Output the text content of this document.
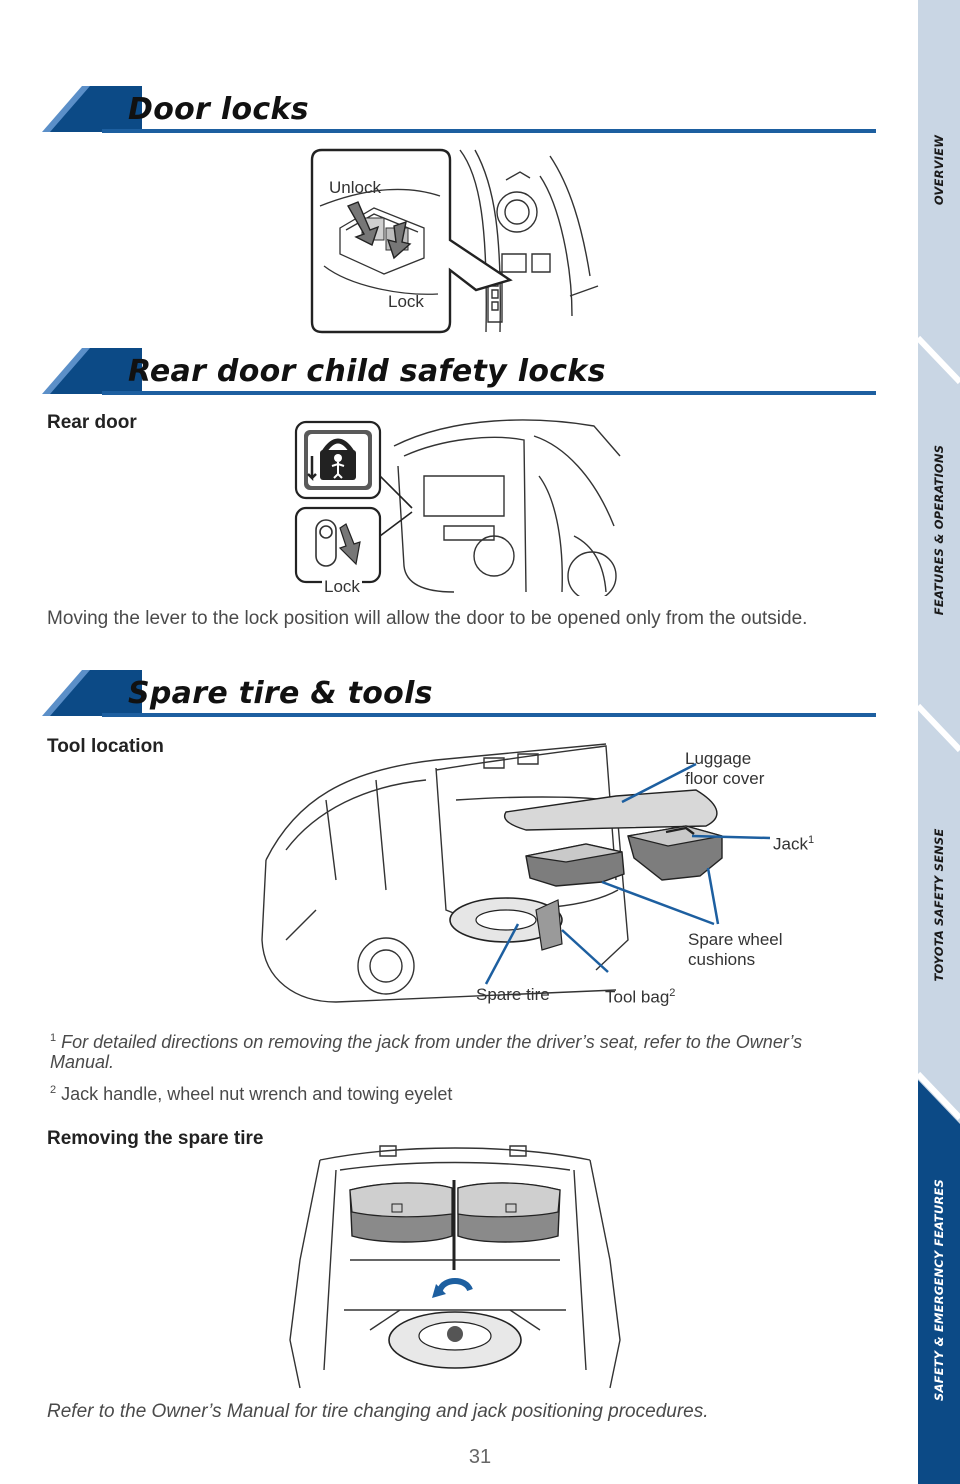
Door locks
Unlock
Lock
Rear door child safety locks
Rear door
Lock
Moving the lever to the lock position will allow the door to be opened only from the outside.
Spare tire & tools
Tool location
Luggage
floor cover
Jack$^1$
Spare wheel
cushions
Spare tire	Tool bag$^2$
$^1$ For detailed directions on removing the jack from under the driver’s seat, refer to the Owner’s Manual.
$^2$ Jack handle, wheel nut wrench and towing eyelet
Removing the spare tire
Refer to the Owner’s Manual for tire changing and jack positioning procedures.
31
OVERVIEW
FEATURES & OPERATIONS
TOYOTA SAFETY SENSE
SAFETY & EMERGENCY FEATURES
